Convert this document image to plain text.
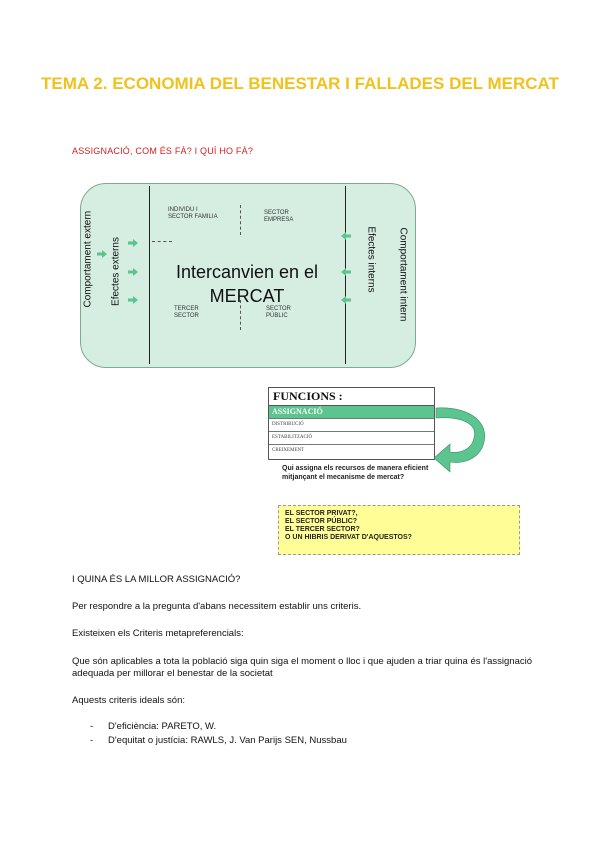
TEMA 2. ECONOMIA DEL BENESTAR I FALLADES DEL MERCAT
ASSIGNACIÓ, COM ÉS FÀ? I QUÍ HO FÀ?
Comportament extern Efectes externs	Efectes interns Comportament intern
INDIVIDU I SECTOR FAMILIA
SECTOR EMPRESA
TERCER SECTOR
SECTOR PÚBLIC
Intercanvien en el MERCAT
FUNCIONS :
ASSIGNACIÓ
DISTRIBUCIÓ
ESTABILITZACIÓ
CREIXEMENT
Qui assigna els recursos de manera eficient mitjançant el mecanisme de mercat?
EL SECTOR PRIVAT?,
EL SECTOR PÚBLIC?
EL TERCER SECTOR?
O UN HIBRIS DERIVAT D'AQUESTOS?
I QUINA ÉS LA MILLOR ASSIGNACIÓ?
Per respondre a la pregunta d'abans necessitem establir uns criteris.
Existeixen els Criteris metapreferencials:
Que són aplicables a tota la població siga quin siga el moment o lloc i que ajuden a triar quina és l'assignació adequada per millorar el benestar de la societat
Aquests criteris ideals són:
-	D'eficiència: PARETO, W.
-	D'equitat o justícia: RAWLS, J. Van Parijs SEN, Nussbau
